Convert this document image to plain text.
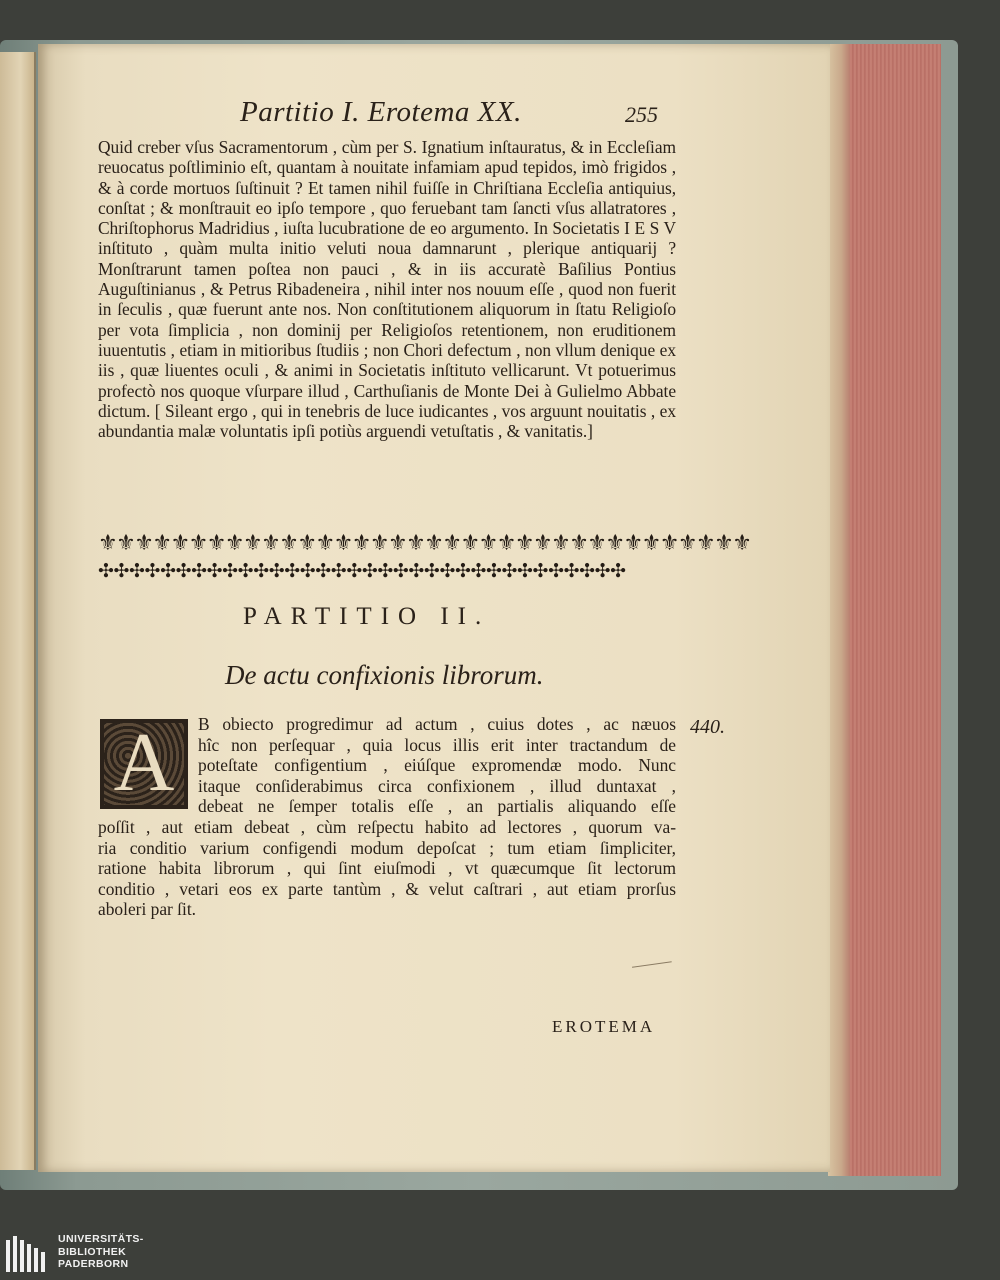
Partitio I. Erotema XX.	255

Quid creber vſus Sacramentorum , cùm per S. Ignatium inſtauratus, & in Eccleſiam reuocatus poſtliminio eſt, quantam à nouitate infamiam apud tepidos, imò frigidos , & à corde mortuos ſuſtinuit ? Et tamen nihil fuiſſe in Chriſtiana Eccleſia antiquius, conſtat ; & monſtrauit eo ipſo tempore , quo feruebant tam ſancti vſus allatratores , Chriſtophorus Madridius , iuſta lucubratione de eo argumento. In Societatis I E S V inſtituto , quàm multa initio veluti noua damnarunt , plerique antiquarij ? Monſtrarunt tamen poſtea non pauci , & in iis accuratè Baſilius Pontius Auguſtinianus , & Petrus Ribadeneira , nihil inter nos nouum eſſe , quod non fuerit in ſeculis , quæ fuerunt ante nos. Non conſtitutionem aliquorum in ſtatu Religioſo per vota ſimplicia , non dominij per Religioſos retentionem, non eruditionem iuuentutis , etiam in mitioribus ſtudiis ; non Chori defectum , non vllum denique ex iis , quæ liuentes oculi , & animi in Societatis inſtituto vellicarunt. Vt potuerimus profectò nos quoque vſurpare illud , Carthuſianis de Monte Dei à Gulielmo Abbate dictum. [ Sileant ergo , qui in tenebris de luce iudicantes , vos arguunt nouitatis , ex abundantia malæ voluntatis ipſi potiùs arguendi vetuſtatis , & vanitatis.]

⚜⚜⚜⚜⚜⚜⚜⚜⚜⚜⚜⚜⚜⚜⚜⚜⚜⚜⚜⚜⚜⚜⚜⚜⚜⚜⚜⚜⚜⚜⚜⚜⚜⚜⚜⚜
✣✣✣✣✣✣✣✣✣✣✣✣✣✣✣✣✣✣✣✣✣✣✣✣✣✣✣✣✣✣✣✣✣✣
PARTITIO II.
De actu confixionis librorum.
A	B obiecto progredimur ad actum , cuius dotes , ac næuos
hîc non perſequar , quia locus illis erit inter tractandum de
poteſtate configentium , eiúſque expromendæ modo. Nunc
itaque conſiderabimus circa confixionem , illud duntaxat ,
debeat ne ſemper totalis eſſe , an partialis aliquando eſſe
poſſit , aut etiam debeat , cùm reſpectu habito ad lectores , quorum va-
ria conditio varium configendi modum depoſcat ; tum etiam ſimpliciter,
ratione habita librorum , qui ſint eiuſmodi , vt quæcumque ſit lectorum
conditio , vetari eos ex parte tantùm , & velut caſtrari , aut etiam prorſus
aboleri par ſit.
440.
EROTEMA
UNIVERSITÄTS-
BIBLIOTHEK
PADERBORN
